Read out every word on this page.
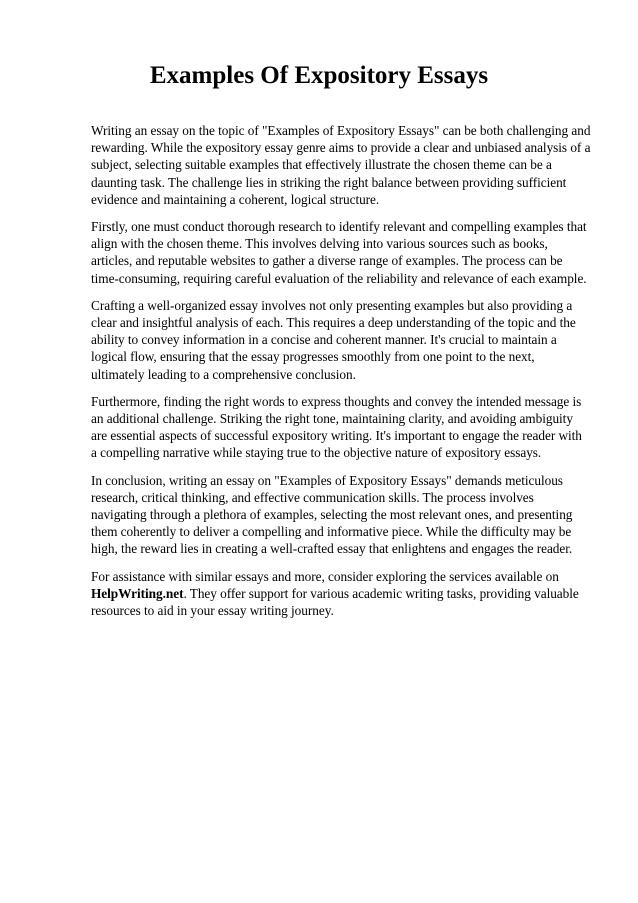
Examples Of Expository Essays

Writing an essay on the topic of "Examples of Expository Essays" can be both challenging and rewarding. While the expository essay genre aims to provide a clear and unbiased analysis of a subject, selecting suitable examples that effectively illustrate the chosen theme can be a daunting task. The challenge lies in striking the right balance between providing sufficient evidence and maintaining a coherent, logical structure.

Firstly, one must conduct thorough research to identify relevant and compelling examples that align with the chosen theme. This involves delving into various sources such as books, articles, and reputable websites to gather a diverse range of examples. The process can be time-consuming, requiring careful evaluation of the reliability and relevance of each example.

Crafting a well-organized essay involves not only presenting examples but also providing a clear and insightful analysis of each. This requires a deep understanding of the topic and the ability to convey information in a concise and coherent manner. It's crucial to maintain a logical flow, ensuring that the essay progresses smoothly from one point to the next, ultimately leading to a comprehensive conclusion.

Furthermore, finding the right words to express thoughts and convey the intended message is an additional challenge. Striking the right tone, maintaining clarity, and avoiding ambiguity are essential aspects of successful expository writing. It's important to engage the reader with a compelling narrative while staying true to the objective nature of expository essays.

In conclusion, writing an essay on "Examples of Expository Essays" demands meticulous research, critical thinking, and effective communication skills. The process involves navigating through a plethora of examples, selecting the most relevant ones, and presenting them coherently to deliver a compelling and informative piece. While the difficulty may be high, the reward lies in creating a well-crafted essay that enlightens and engages the reader.

For assistance with similar essays and more, consider exploring the services available on
HelpWriting.net. They offer support for various academic writing tasks, providing valuable resources to aid in your essay writing journey.
